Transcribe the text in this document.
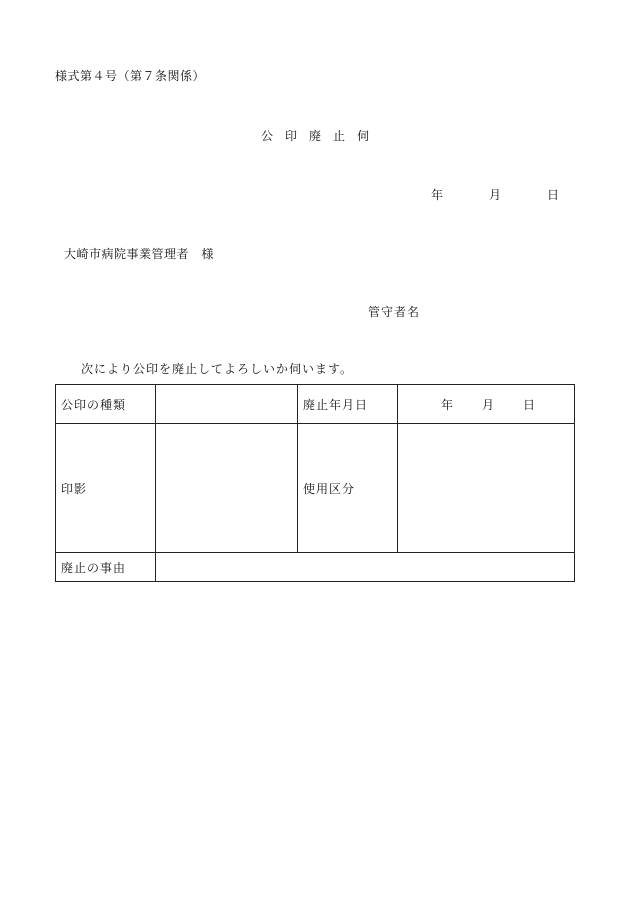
様式第４号（第７条関係）
公印廃止伺
年	月	日
大崎市病院事業管理者　様
管守者名
次により公印を廃止してよろしいか伺います。
公印の種類		廃止年月日	年 月 日
印影		使用区分	
廃止の事由			
